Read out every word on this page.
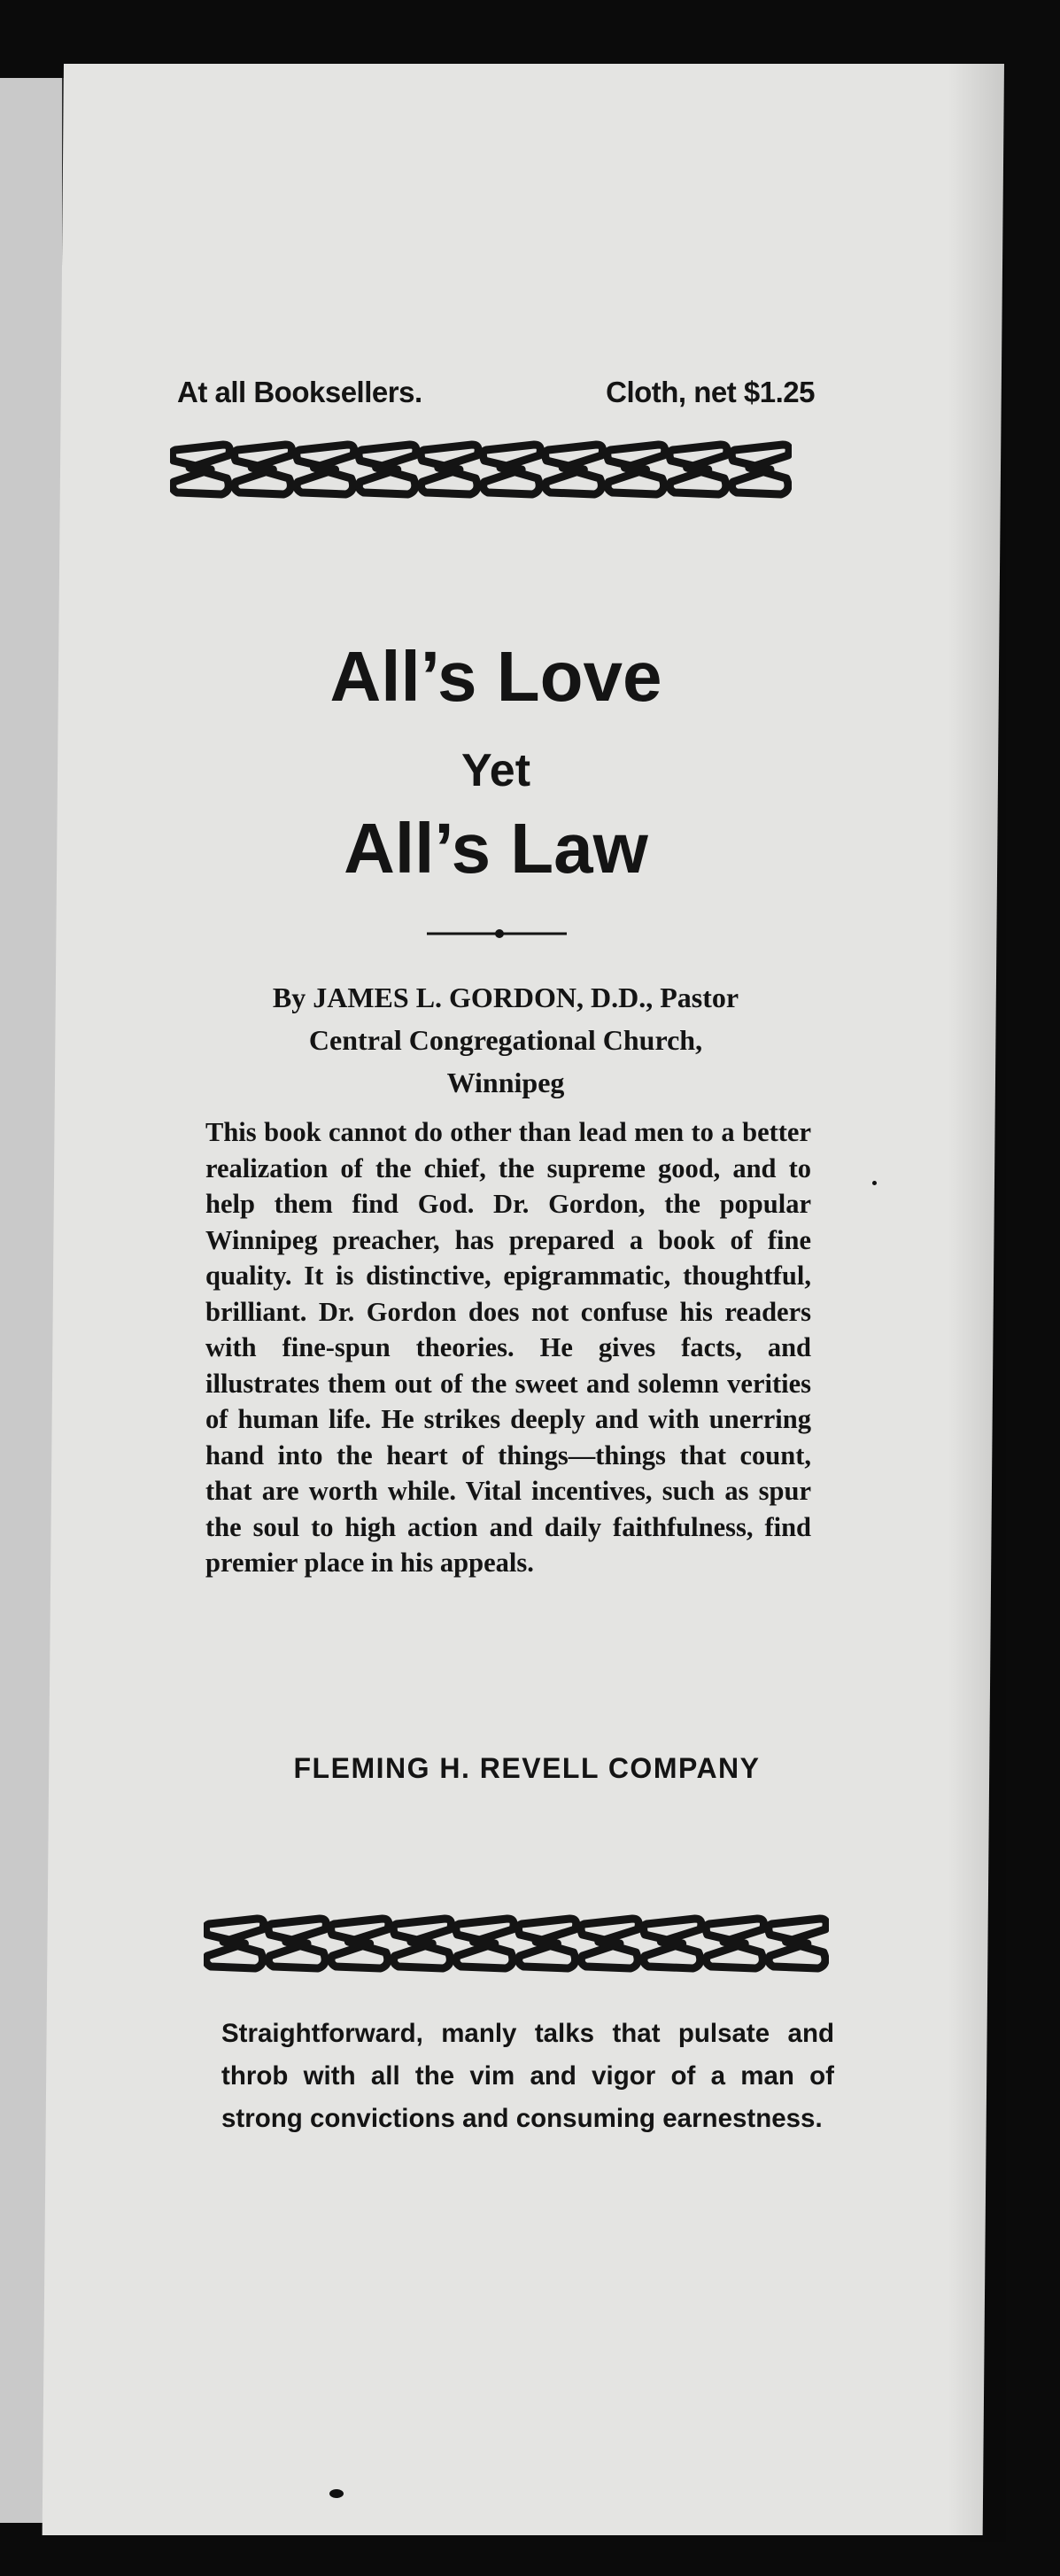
At all Booksellers.	Cloth, net $1.25
All’s Love
Yet
All’s Law
By JAMES L. GORDON, D.D., Pastor
Central Congregational Church,
Winnipeg
This book cannot do other than lead men to a better realization of the chief, the supreme good, and to help them find God. Dr. Gordon, the popular Winnipeg preacher, has prepared a book of fine quality. It is distinctive, epigrammatic, thoughtful, brilliant. Dr. Gordon does not confuse his readers with fine-spun theories. He gives facts, and illustrates them out of the sweet and solemn verities of human life. He strikes deeply and with unerring hand into the heart of things—things that count, that are worth while. Vital incentives, such as spur the soul to high action and daily faithfulness, find premier place in his appeals.
FLEMING H. REVELL COMPANY
Straightforward, manly talks that pulsate and throb with all the vim and vigor of a man of strong convictions and consuming earnestness.
